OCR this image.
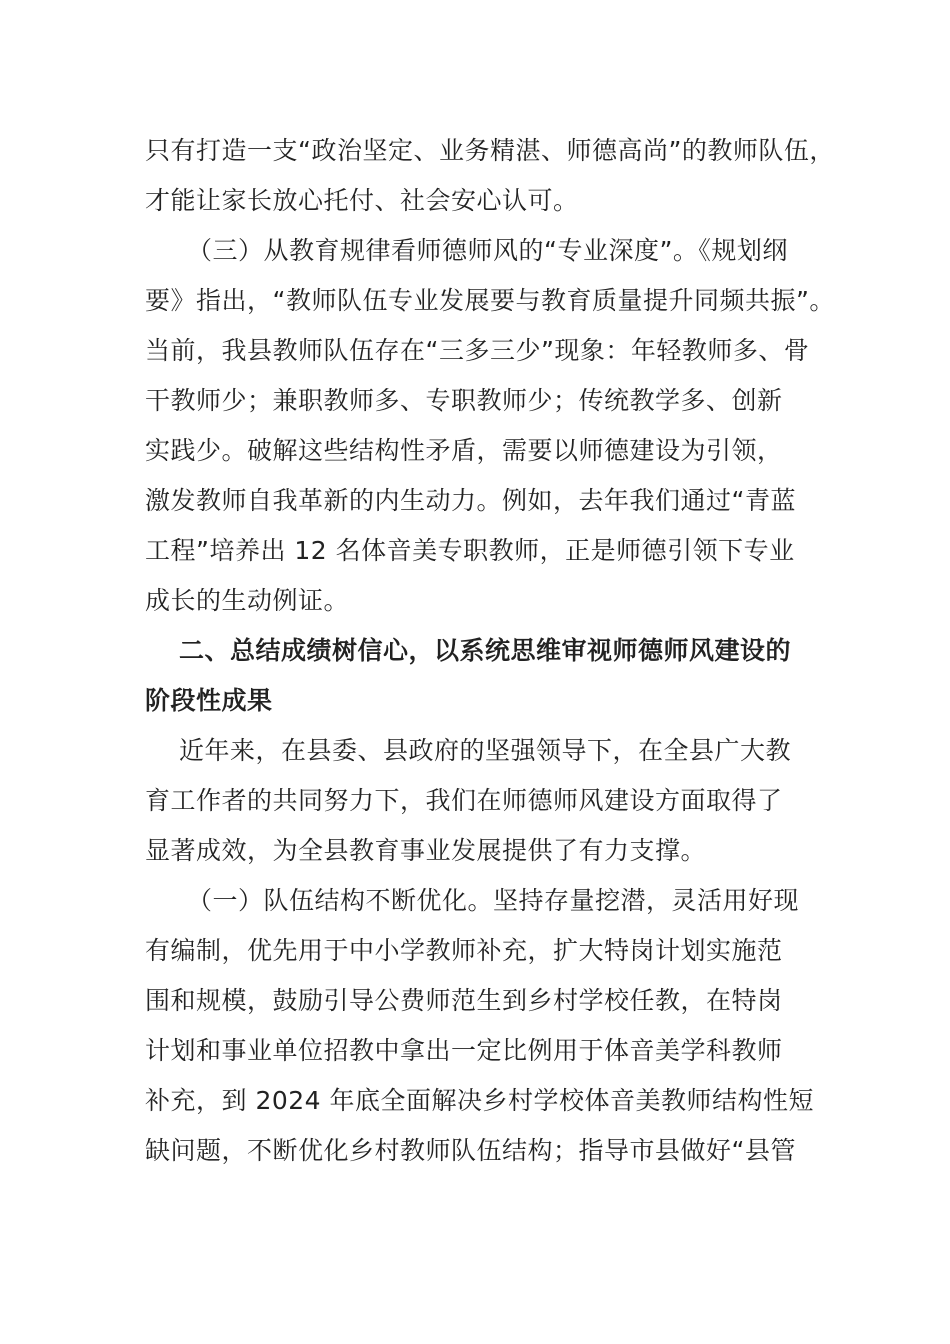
只有打造一支“政治坚定、业务精湛、师德高尚”的教师队伍，
才能让家长放心托付、社会安心认可。
（三）从教育规律看师德师风的“专业深度”。《规划纲
要》指出，“教师队伍专业发展要与教育质量提升同频共振”。
当前，我县教师队伍存在“三多三少”现象：年轻教师多、骨
干教师少；兼职教师多、专职教师少；传统教学多、创新
实践少。破解这些结构性矛盾，需要以师德建设为引领，
激发教师自我革新的内生动力。例如，去年我们通过“青蓝
工程”培养出 12 名体音美专职教师，正是师德引领下专业
成长的生动例证。
二、总结成绩树信心，以系统思维审视师德师风建设的
阶段性成果
近年来，在县委、县政府的坚强领导下，在全县广大教
育工作者的共同努力下，我们在师德师风建设方面取得了
显著成效，为全县教育事业发展提供了有力支撑。
（一）队伍结构不断优化。坚持存量挖潜，灵活用好现
有编制，优先用于中小学教师补充，扩大特岗计划实施范
围和规模，鼓励引导公费师范生到乡村学校任教，在特岗
计划和事业单位招教中拿出一定比例用于体音美学科教师
补充，到 2024 年底全面解决乡村学校体音美教师结构性短
缺问题，不断优化乡村教师队伍结构；指导市县做好“县管
